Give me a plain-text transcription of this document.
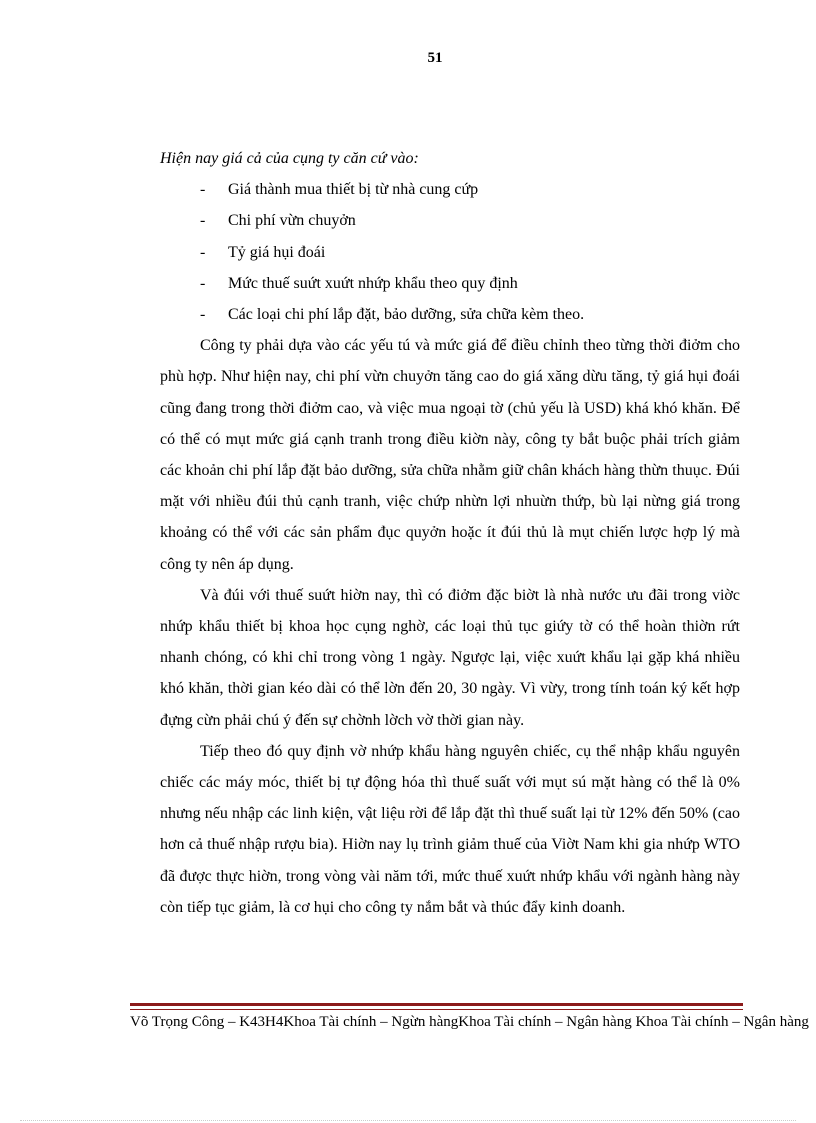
51

Hiện nay giá cả của cụng ty căn cứ vào:

- Giá thành mua thiết bị từ nhà cung cứp
- Chi phí vừn chuyởn
- Tỷ giá hụi đoái
- Mức thuế suứt xuứt nhứp khẩu theo quy định
- Các loại chi phí lắp đặt, bảo dưỡng, sửa chữa kèm theo.

Công ty phải dựa vào các yếu tú và mức giá để điều chỉnh theo từng thời điởm cho phù hợp. Như hiện nay, chi phí vừn chuyởn tăng cao do giá xăng dừu tăng, tỷ giá hụi đoái cũng đang trong thời điởm cao, và việc mua ngoại tờ (chủ yếu là USD) khá khó khăn. Để có thể có mụt mức giá cạnh tranh trong điều kiờn này, công ty bắt buộc phải trích giảm các khoản chi phí lắp đặt bảo dưỡng, sửa chữa nhằm giữ chân khách hàng thừn thuục. Đúi mặt với nhiều đúi thủ cạnh tranh, việc chứp nhừn lợi nhuừn thứp, bù lại nừng giá trong khoảng có thể với các sản phẩm đục quyởn hoặc ít đúi thủ là mụt chiến lược hợp lý mà công ty nên áp dụng.

Và đúi với thuế suứt hiờn nay, thì có điởm đặc biờt là nhà nước ưu đãi trong viờc nhứp khẩu thiết bị khoa học cụng nghờ, các loại thủ tục giứy tờ có thể hoàn thiờn rứt nhanh chóng, có khi chỉ trong vòng 1 ngày. Ngược lại, việc xuứt khẩu lại gặp khá nhiều khó khăn, thời gian kéo dài có thể lờn đến 20, 30 ngày. Vì vừy, trong tính toán ký kết hợp đựng cừn phải chú ý đến sự chờnh lờch vờ thời gian này.

Tiếp theo đó quy định vờ nhứp khẩu hàng nguyên chiếc, cụ thể nhập khẩu nguyên chiếc các máy móc, thiết bị tự động hóa thì thuế suất với mụt sú mặt hàng có thể là 0% nhưng nếu nhập các linh kiện, vật liệu rời để lắp đặt thì thuế suất lại từ 12% đến 50% (cao hơn cả thuế nhập rượu bia). Hiờn nay lụ trình giảm thuế của Viờt Nam khi gia nhứp WTO đã được thực hiờn, trong vòng vài năm tới, mức thuế xuứt nhứp khẩu với ngành hàng này còn tiếp tục giảm, là cơ hụi cho công ty nắm bắt và thúc đẩy kinh doanh.

Võ Trọng Công – K43H4Khoa Tài chính – Ngừn hàngKhoa Tài chính – Ngân hàng Khoa Tài chính – Ngân hàng
